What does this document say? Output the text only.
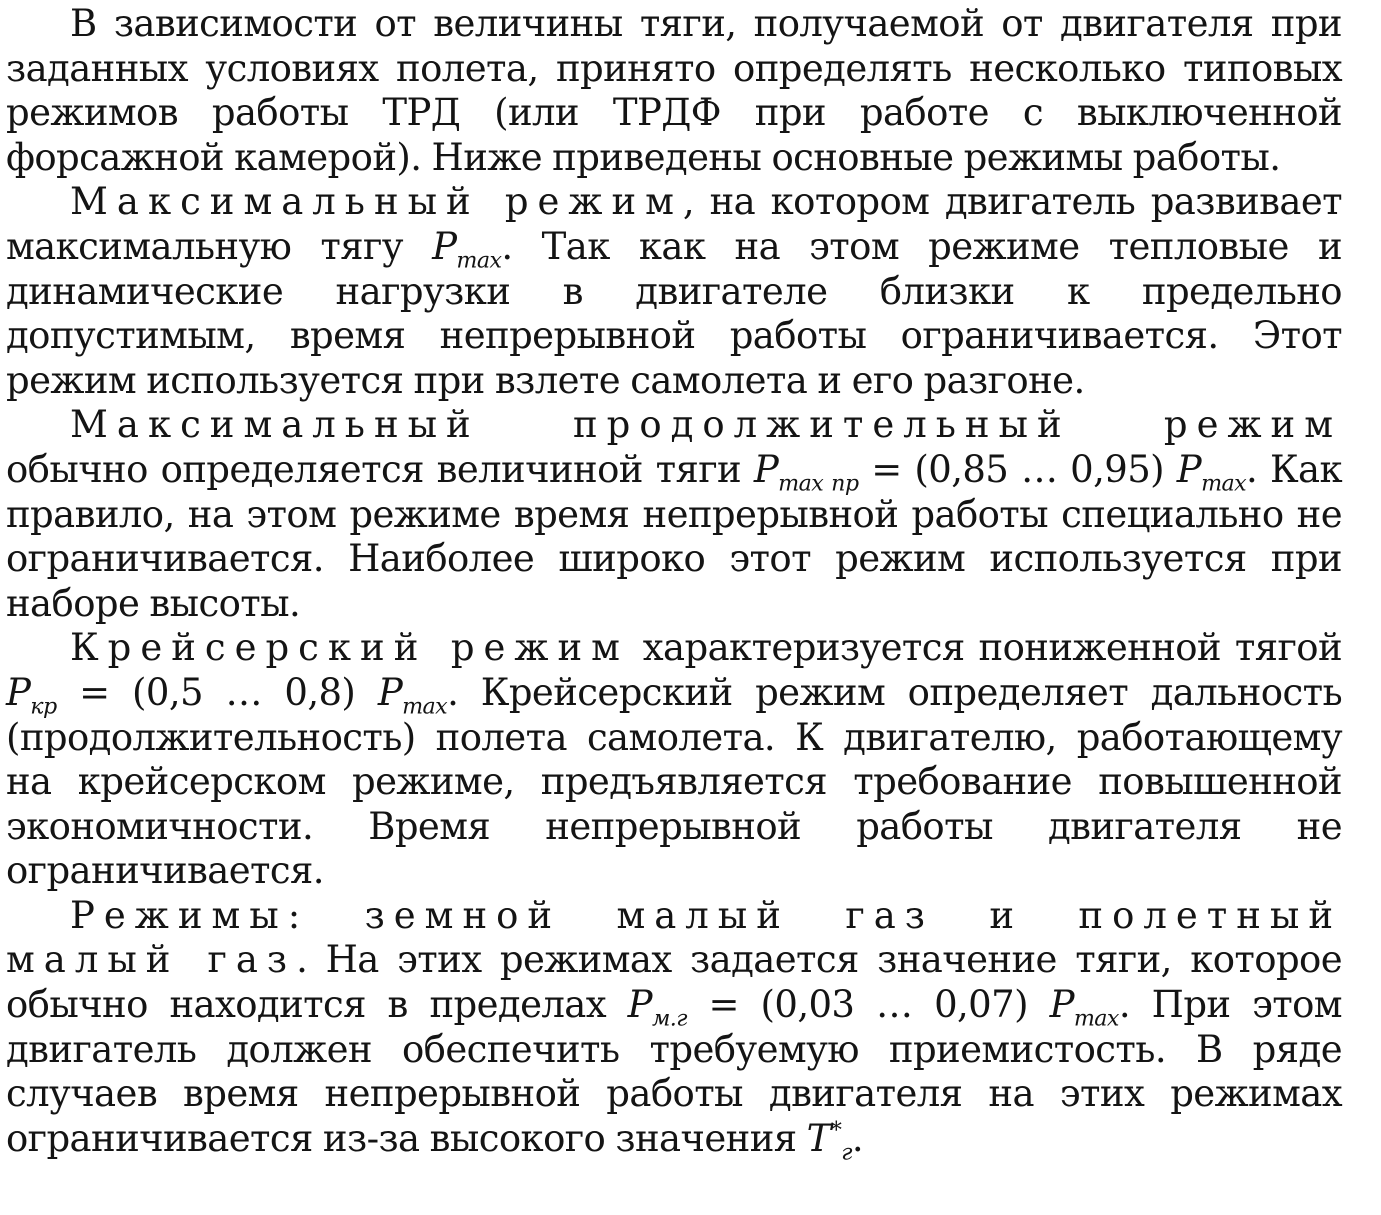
В зависимости от величины тяги, получаемой от двигателя при заданных условиях полета, принято определять несколько типовых режимов работы ТРД (или ТРДФ при работе с выключенной форсажной камерой). Ниже приведены основные режимы работы.

Максимальный режим, на котором двигатель развивает максимальную тягу $P_{max}$. Так как на этом режиме тепловые и динамические нагрузки в двигателе близки к предельно допустимым, время непрерывной работы ограничивается. Этот режим используется при взлете самолета и его разгоне.

Максимальный продолжительный режим обычно определяется величиной тяги $P_{max пр} = (0,85$ … 0,95) $P_{max}$. Как правило, на этом режиме время непрерывной работы специально не ограничивается. Наиболее широко этот режим используется при наборе высоты.

Крейсерский режим характеризуется пониженной тягой $P_{кр} = (0,5$ … 0,8) $P_{max}$. Крейсерский режим определяет дальность (продолжительность) полета самолета. К двигателю, работающему на крейсерском режиме, предъявляется требование повышенной экономичности. Время непрерывной работы двигателя не ограничивается.

Режимы: земной малый газ и полетный малый газ. На этих режимах задается значение тяги, которое обычно находится в пределах $P_{м.г} = (0,03$ … 0,07) $P_{max}$. При этом двигатель должен обеспечить требуемую приемистость. В ряде случаев время непрерывной работы двигателя на этих режимах ограничивается из-за высокого значения $T^*_г$.
